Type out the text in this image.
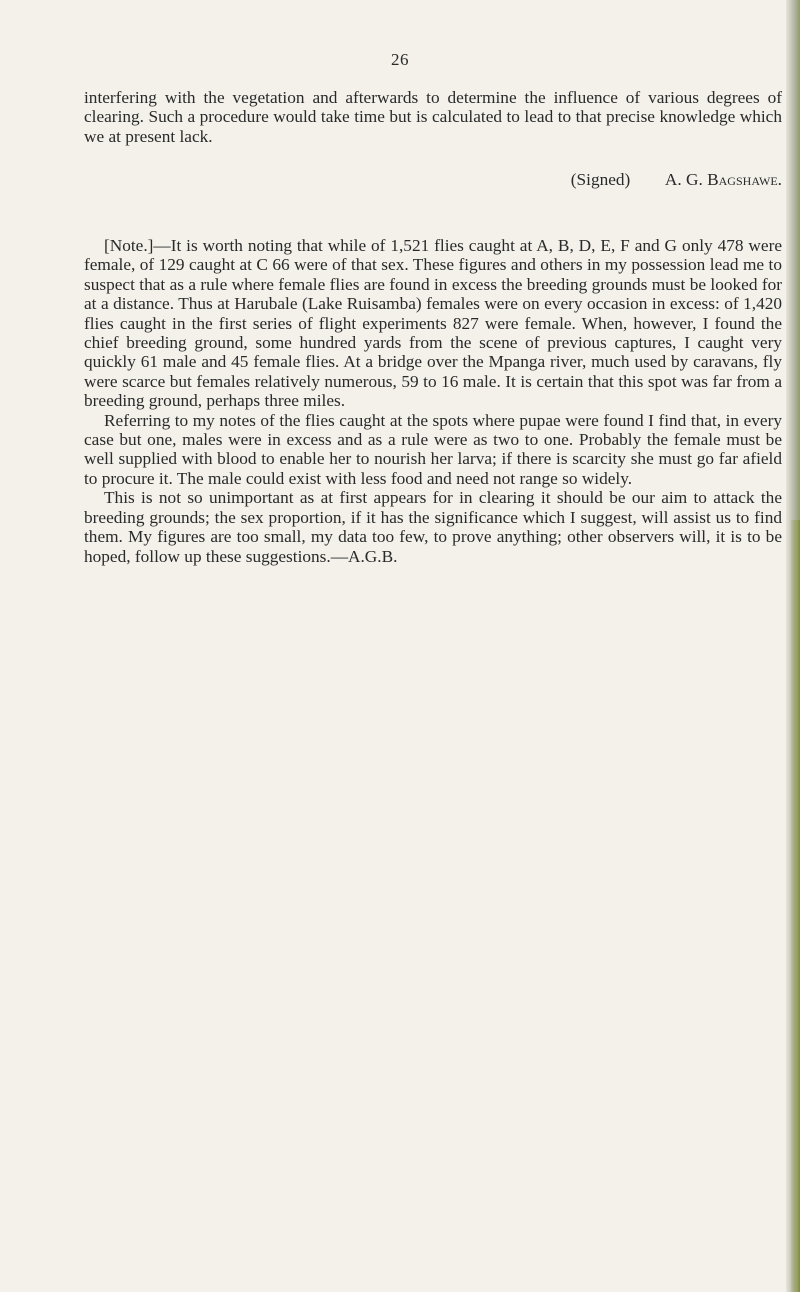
26

interfering with the vegetation and afterwards to determine the influence of various degrees of clearing. Such a procedure would take time but is calculated to lead to that precise knowledge which we at present lack.

(Signed) A. G. Bagshawe.

[Note.]—It is worth noting that while of 1,521 flies caught at A, B, D, E, F and G only 478 were female, of 129 caught at C 66 were of that sex. These figures and others in my possession lead me to suspect that as a rule where female flies are found in excess the breeding grounds must be looked for at a distance. Thus at Harubale (Lake Ruisamba) females were on every occasion in excess: of 1,420 flies caught in the first series of flight experiments 827 were female. When, however, I found the chief breeding ground, some hundred yards from the scene of previous captures, I caught very quickly 61 male and 45 female flies. At a bridge over the Mpanga river, much used by caravans, fly were scarce but females relatively numerous, 59 to 16 male. It is certain that this spot was far from a breeding ground, perhaps three miles.

Referring to my notes of the flies caught at the spots where pupae were found I find that, in every case but one, males were in excess and as a rule were as two to one. Probably the female must be well supplied with blood to enable her to nourish her larva; if there is scarcity she must go far afield to procure it. The male could exist with less food and need not range so widely.

This is not so unimportant as at first appears for in clearing it should be our aim to attack the breeding grounds; the sex proportion, if it has the significance which I suggest, will assist us to find them. My figures are too small, my data too few, to prove anything; other observers will, it is to be hoped, follow up these suggestions.—A.G.B.
